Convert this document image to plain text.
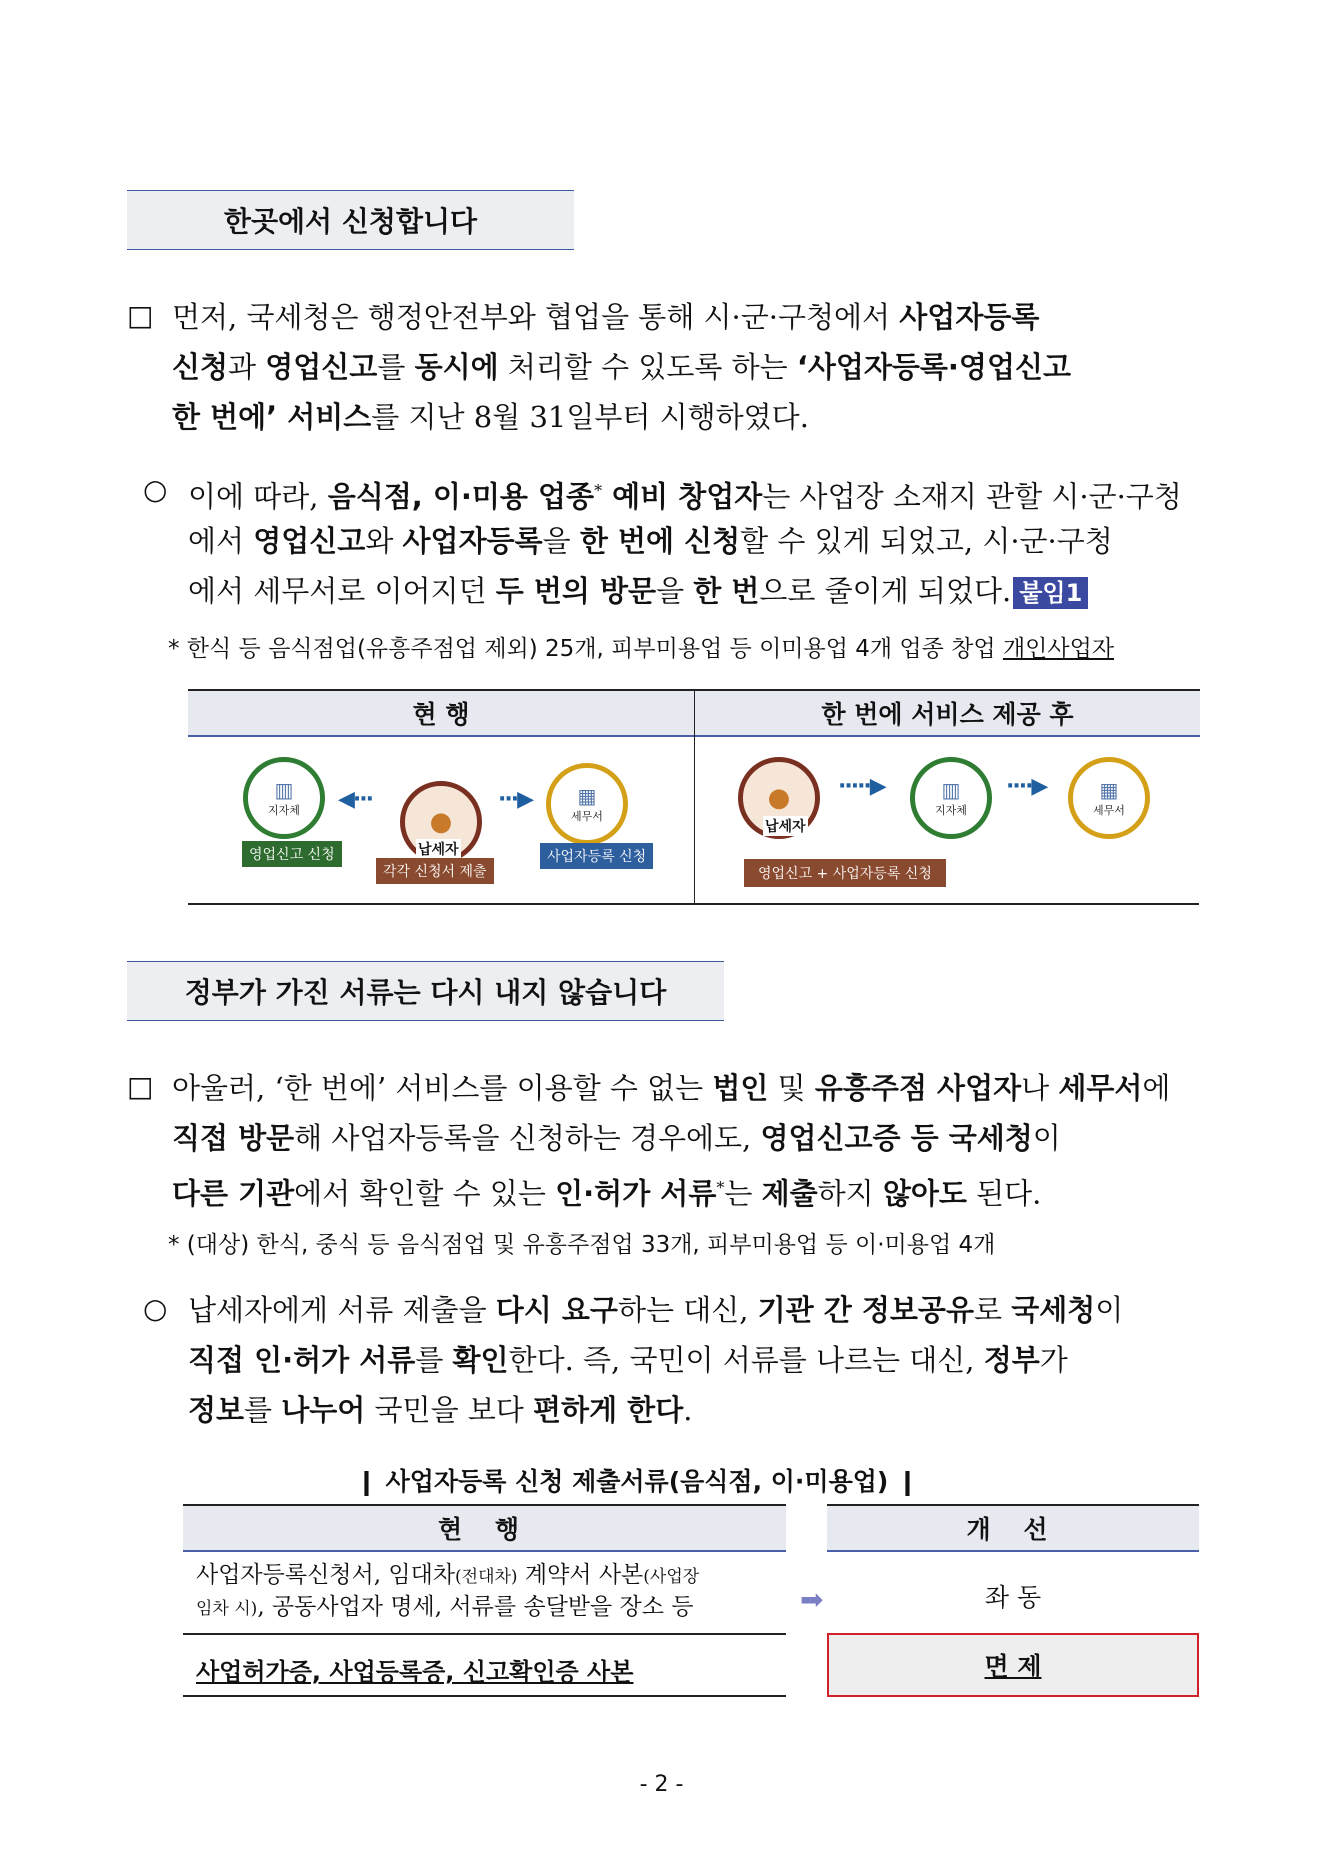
한곳에서 신청합니다
□ 먼저, 국세청은 행정안전부와 협업을 통해 시·군·구청에서 사업자등록
신청과 영업신고를 동시에 처리할 수 있도록 하는 ‘사업자등록·영업신고
한 번에’ 서비스를 지난 8월 31일부터 시행하였다.
○ 이에 따라, 음식점, 이·미용 업종* 예비 창업자는 사업장 소재지 관할 시·군·구청
에서 영업신고와 사업자등록을 한 번에 신청할 수 있게 되었고, 시·군·구청
에서 세무서로 이어지던 두 번의 방문을 한 번으로 줄이게 되었다. 붙임1
* 한식 등 음식점업(유흥주점업 제외) 25개, 피부미용업 등 이미용업 4개 업종 창업 개인사업자
현 행	한 번에 서비스 제공 후
▥
지자체 ◀···
●
납세자
···▶ ▦
세무서
영업신고 신청
각각 신청서 제출
사업자등록 신청
●
납세자
·····▶	▥
지자체
····▶	▦
세무서
영업신고 + 사업자등록 신청
정부가 가진 서류는 다시 내지 않습니다
□ 아울러, ‘한 번에’ 서비스를 이용할 수 없는 법인 및 유흥주점 사업자나 세무서에
직접 방문해 사업자등록을 신청하는 경우에도, 영업신고증 등 국세청이
다른 기관에서 확인할 수 있는 인·허가 서류*는 제출하지 않아도 된다.
* (대상) 한식, 중식 등 음식점업 및 유흥주점업 33개, 피부미용업 등 이·미용업 4개
○ 납세자에게 서류 제출을 다시 요구하는 대신, 기관 간 정보공유로 국세청이
직접 인·허가 서류를 확인한다. 즉, 국민이 서류를 나르는 대신, 정부가
정보를 나누어 국민을 보다 편하게 한다.
❙ 사업자등록 신청 제출서류(음식점, 이·미용업) ❙
현 행	개 선
사업자등록신청서, 임대차(전대차) 계약서 사본(사업장
임차 시), 공동사업자 명세, 서류를 송달받을 장소 등	➡	좌 동
사업허가증, 사업등록증, 신고확인증 사본	면 제
- 2 -
